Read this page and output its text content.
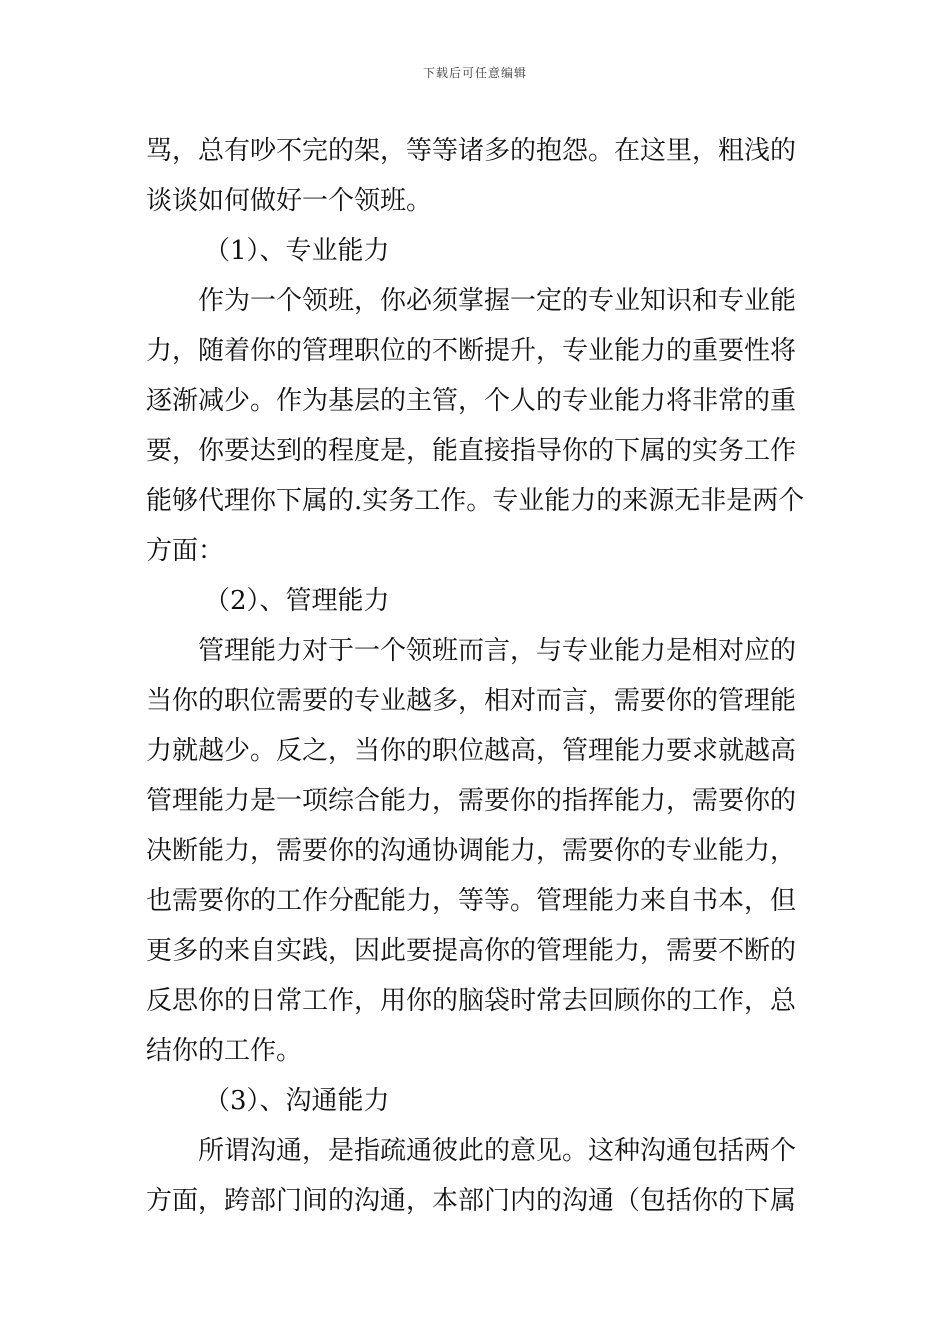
下载后可任意编辑
骂，总有吵不完的架，等等诸多的抱怨。在这里，粗浅的
谈谈如何做好一个领班。
（1）、专业能力
作为一个领班，你必须掌握一定的专业知识和专业能
力，随着你的管理职位的不断提升，专业能力的重要性将
逐渐减少。作为基层的主管，个人的专业能力将非常的重
要，你要达到的程度是，能直接指导你的下属的实务工作
能够代理你下属的.实务工作。专业能力的来源无非是两个
方面：
（2）、管理能力
管理能力对于一个领班而言，与专业能力是相对应的
当你的职位需要的专业越多，相对而言，需要你的管理能
力就越少。反之，当你的职位越高，管理能力要求就越高
管理能力是一项综合能力，需要你的指挥能力，需要你的
决断能力，需要你的沟通协调能力，需要你的专业能力，
也需要你的工作分配能力，等等。管理能力来自书本，但
更多的来自实践，因此要提高你的管理能力，需要不断的
反思你的日常工作，用你的脑袋时常去回顾你的工作，总
结你的工作。
（3）、沟通能力
所谓沟通，是指疏通彼此的意见。这种沟通包括两个
方面，跨部门间的沟通，本部门内的沟通（包括你的下属
